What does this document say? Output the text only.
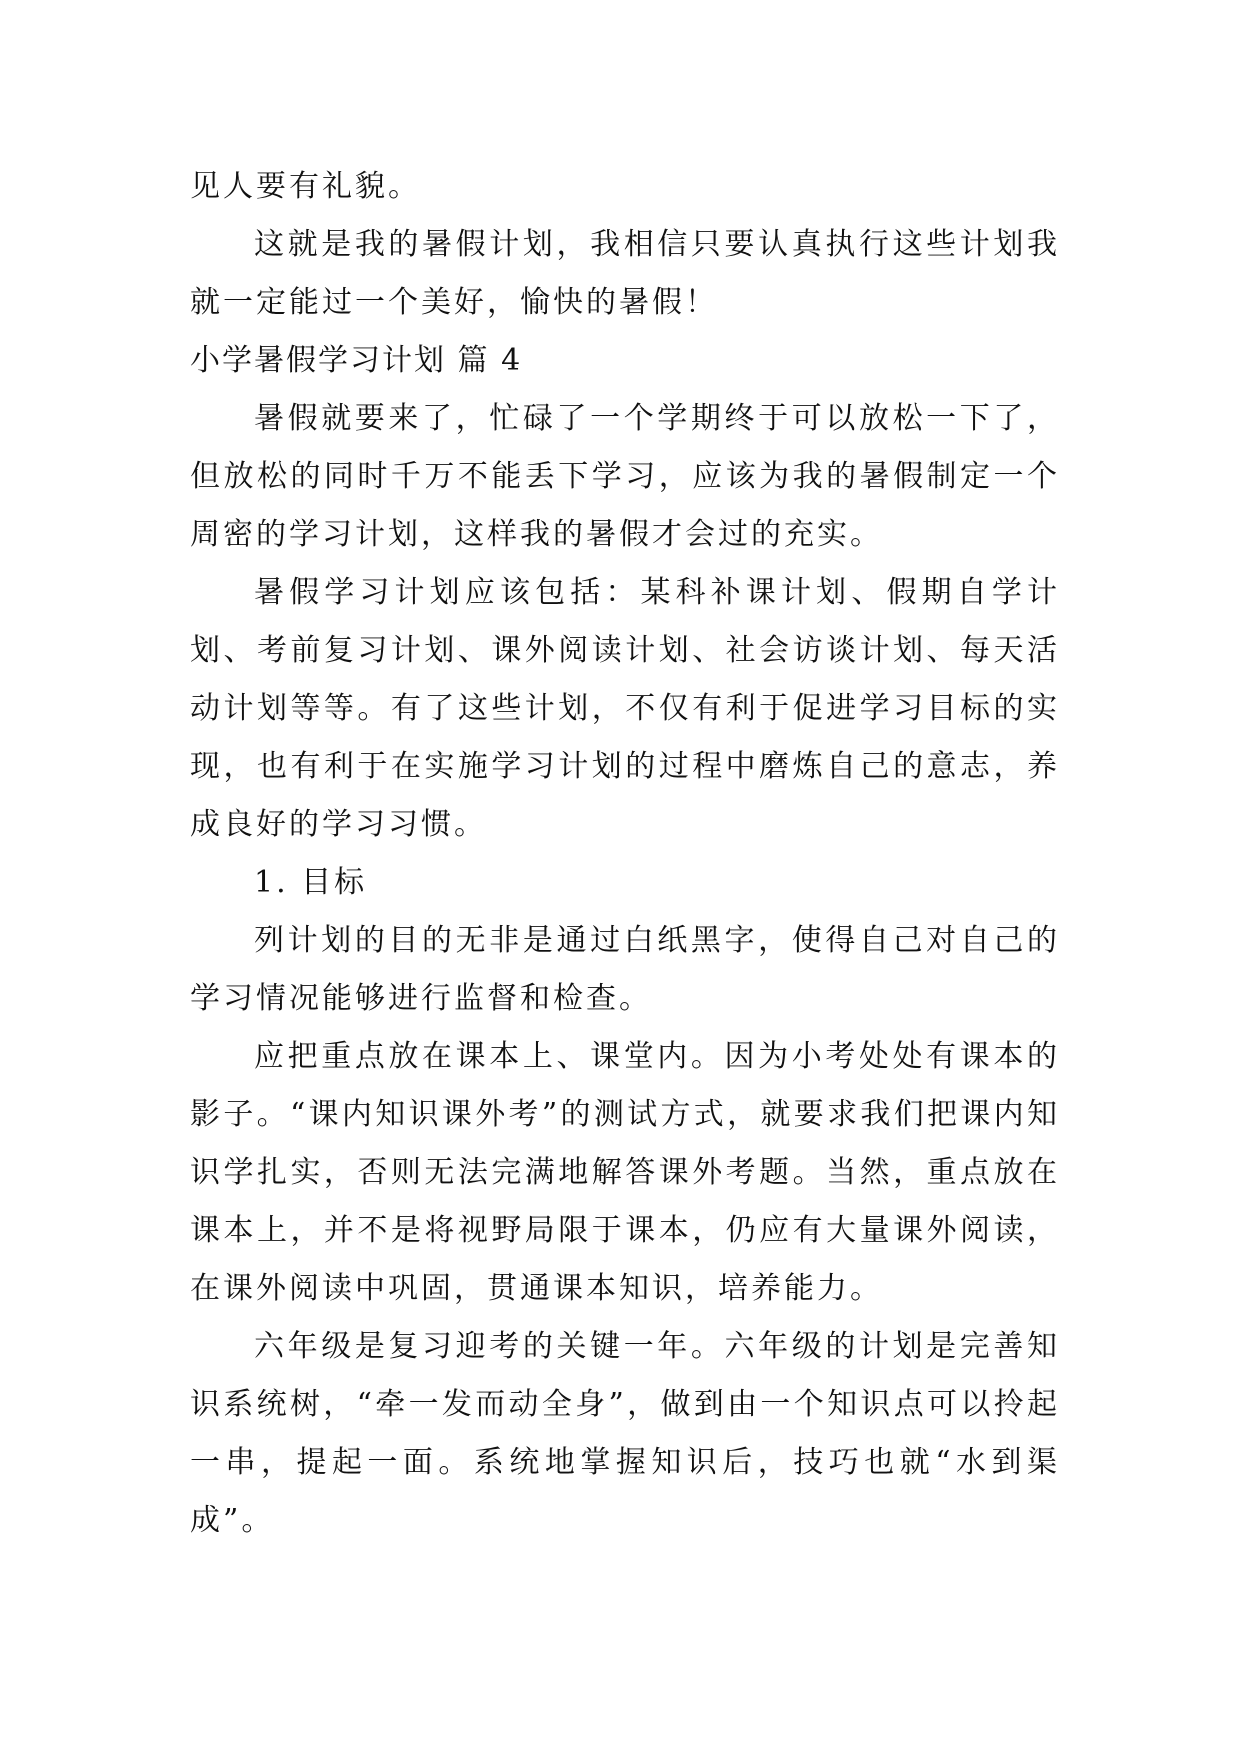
见人要有礼貌。

这就是我的暑假计划，我相信只要认真执行这些计划我就一定能过一个美好，愉快的暑假！

小学暑假学习计划 篇 4

暑假就要来了，忙碌了一个学期终于可以放松一下了，但放松的同时千万不能丢下学习，应该为我的暑假制定一个周密的学习计划，这样我的暑假才会过的充实。

暑假学习计划应该包括：某科补课计划、假期自学计划、考前复习计划、课外阅读计划、社会访谈计划、每天活动计划等等。有了这些计划，不仅有利于促进学习目标的实现，也有利于在实施学习计划的过程中磨炼自己的意志，养成良好的学习习惯。

1. 目标

列计划的目的无非是通过白纸黑字，使得自己对自己的学习情况能够进行监督和检查。

应把重点放在课本上、课堂内。因为小考处处有课本的影子。“课内知识课外考”的测试方式，就要求我们把课内知识学扎实，否则无法完满地解答课外考题。当然，重点放在课本上，并不是将视野局限于课本，仍应有大量课外阅读，在课外阅读中巩固，贯通课本知识，培养能力。

六年级是复习迎考的关键一年。六年级的计划是完善知识系统树，“牵一发而动全身”，做到由一个知识点可以拎起一串，提起一面。系统地掌握知识后，技巧也就“水到渠成”。
